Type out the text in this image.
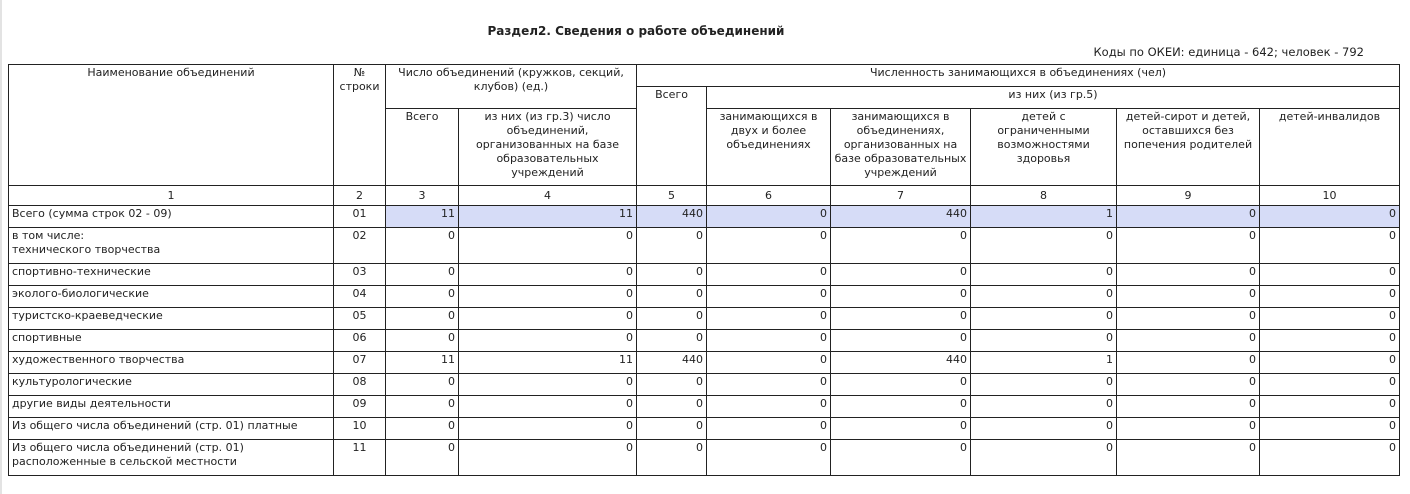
Раздел2. Сведения о работе объединений
Коды по ОКЕИ: единица - 642; человек - 792
Наименование объединений	№ строки	Число объединений (кружков, секций, клубов) (ед.)		Численность занимающихся в объединениях (чел)					
				Всего	из них (из гр.5)				
		Всего	из них (из гр.3) число объединений, организованных на базе образовательных учреждений		занимающихся в двух и более объединениях	занимающихся в объединениях, организованных на базе образовательных учреждений	детей с ограниченными возможностями здоровья	детей-сирот и детей, оставшихся без попечения родителей	детей-инвалидов
1	2	3	4	5	6	7	8	9	10
Всего (сумма строк 02 - 09)	01	11	11	440	0	440	1	0	0
в том числе:
технического творчества	02	0	0	0	0	0	0	0	0
спортивно-технические	03	0	0	0	0	0	0	0	0
эколого-биологические	04	0	0	0	0	0	0	0	0
туристско-краеведческие	05	0	0	0	0	0	0	0	0
спортивные	06	0	0	0	0	0	0	0	0
художественного творчества	07	11	11	440	0	440	1	0	0
культурологические	08	0	0	0	0	0	0	0	0
другие виды деятельности	09	0	0	0	0	0	0	0	0
Из общего числа объединений (стр. 01) платные	10	0	0	0	0	0	0	0	0
Из общего числа объединений (стр. 01) расположенные в сельской местности	11	0	0	0	0	0	0	0	0
